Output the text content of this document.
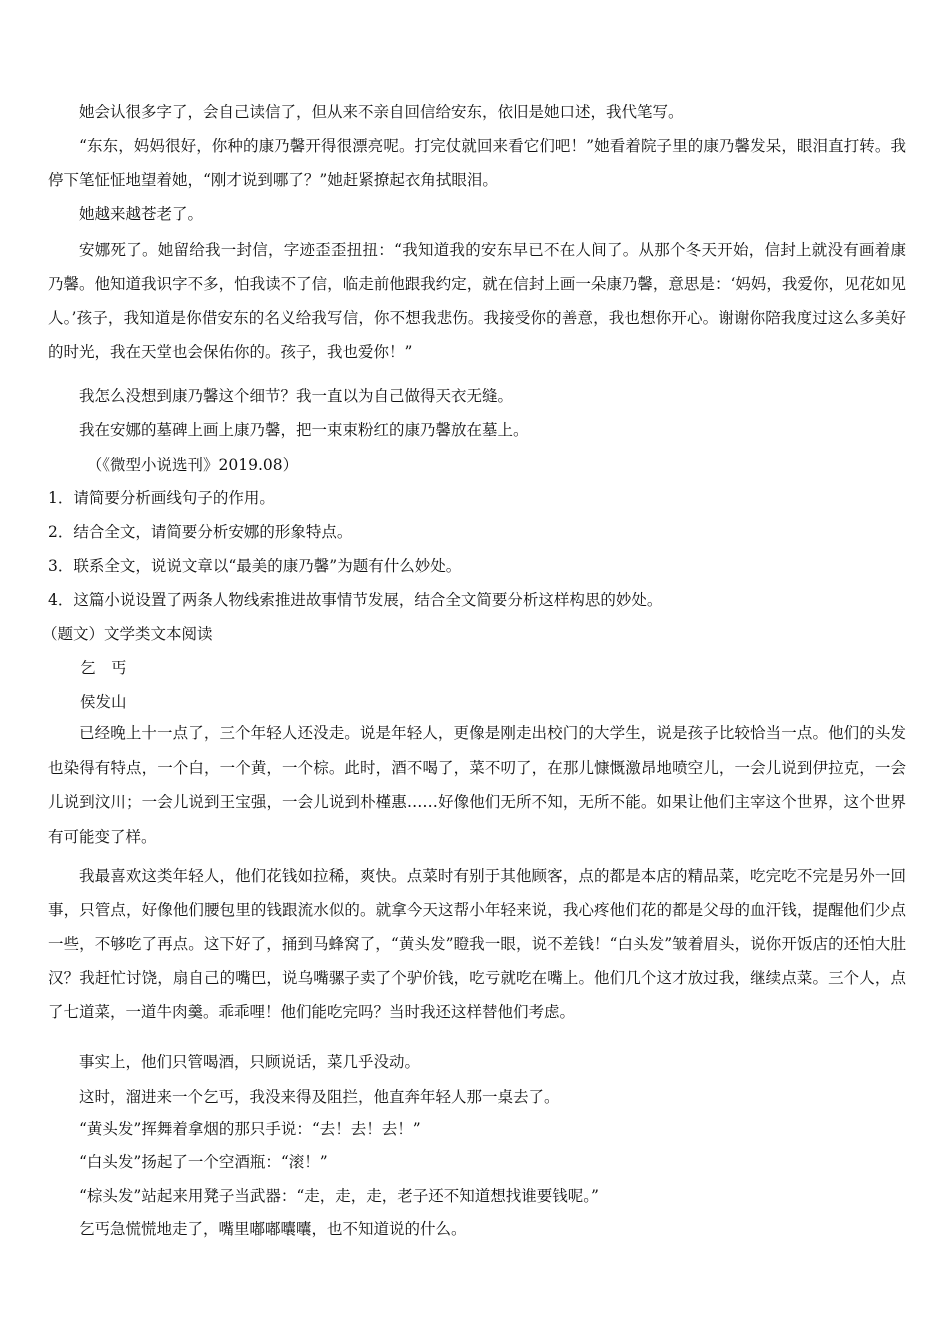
她会认很多字了，会自己读信了，但从来不亲自回信给安东，依旧是她口述，我代笔写。

“东东，妈妈很好，你种的康乃馨开得很漂亮呢。打完仗就回来看它们吧！”她看着院子里的康乃馨发呆，眼泪直打转。我停下笔怔怔地望着她，“刚才说到哪了？”她赶紧撩起衣角拭眼泪。

她越来越苍老了。

安娜死了。她留给我一封信，字迹歪歪扭扭：“我知道我的安东早已不在人间了。从那个冬天开始，信封上就没有画着康乃馨。他知道我识字不多，怕我读不了信，临走前他跟我约定，就在信封上画一朵康乃馨，意思是：‘妈妈，我爱你，见花如见人。’孩子，我知道是你借安东的名义给我写信，你不想我悲伤。我接受你的善意，我也想你开心。谢谢你陪我度过这么多美好的时光，我在天堂也会保佑你的。孩子，我也爱你！”

我怎么没想到康乃馨这个细节？我一直以为自己做得天衣无缝。

我在安娜的墓碑上画上康乃馨，把一束束粉红的康乃馨放在墓上。

（《微型小说选刊》2019.08）

1．请简要分析画线句子的作用。

2．结合全文，请简要分析安娜的形象特点。

3．联系全文，说说文章以“最美的康乃馨”为题有什么妙处。

4．这篇小说设置了两条人物线索推进故事情节发展，结合全文简要分析这样构思的妙处。

（题文）文学类文本阅读

乞　丐

侯发山

已经晚上十一点了，三个年轻人还没走。说是年轻人，更像是刚走出校门的大学生，说是孩子比较恰当一点。他们的头发也染得有特点，一个白，一个黄，一个棕。此时，酒不喝了，菜不叨了，在那儿慷慨激昂地喷空儿，一会儿说到伊拉克，一会儿说到汶川；一会儿说到王宝强，一会儿说到朴槿惠……好像他们无所不知，无所不能。如果让他们主宰这个世界，这个世界有可能变了样。

我最喜欢这类年轻人，他们花钱如拉稀，爽快。点菜时有别于其他顾客，点的都是本店的精品菜，吃完吃不完是另外一回事，只管点，好像他们腰包里的钱跟流水似的。就拿今天这帮小年轻来说，我心疼他们花的都是父母的血汗钱，提醒他们少点一些，不够吃了再点。这下好了，捅到马蜂窝了，“黄头发”瞪我一眼，说不差钱！“白头发”皱着眉头，说你开饭店的还怕大肚汉？我赶忙讨饶，扇自己的嘴巴，说乌嘴骡子卖了个驴价钱，吃亏就吃在嘴上。他们几个这才放过我，继续点菜。三个人，点了七道菜，一道牛肉羹。乖乖哩！他们能吃完吗？当时我还这样替他们考虑。

事实上，他们只管喝酒，只顾说话，菜几乎没动。

这时，溜进来一个乞丐，我没来得及阻拦，他直奔年轻人那一桌去了。

“黄头发”挥舞着拿烟的那只手说：“去！去！去！”

“白头发”扬起了一个空酒瓶：“滚！”

“棕头发”站起来用凳子当武器：“走，走，走，老子还不知道想找谁要钱呢。”

乞丐急慌慌地走了，嘴里嘟嘟囔囔，也不知道说的什么。
